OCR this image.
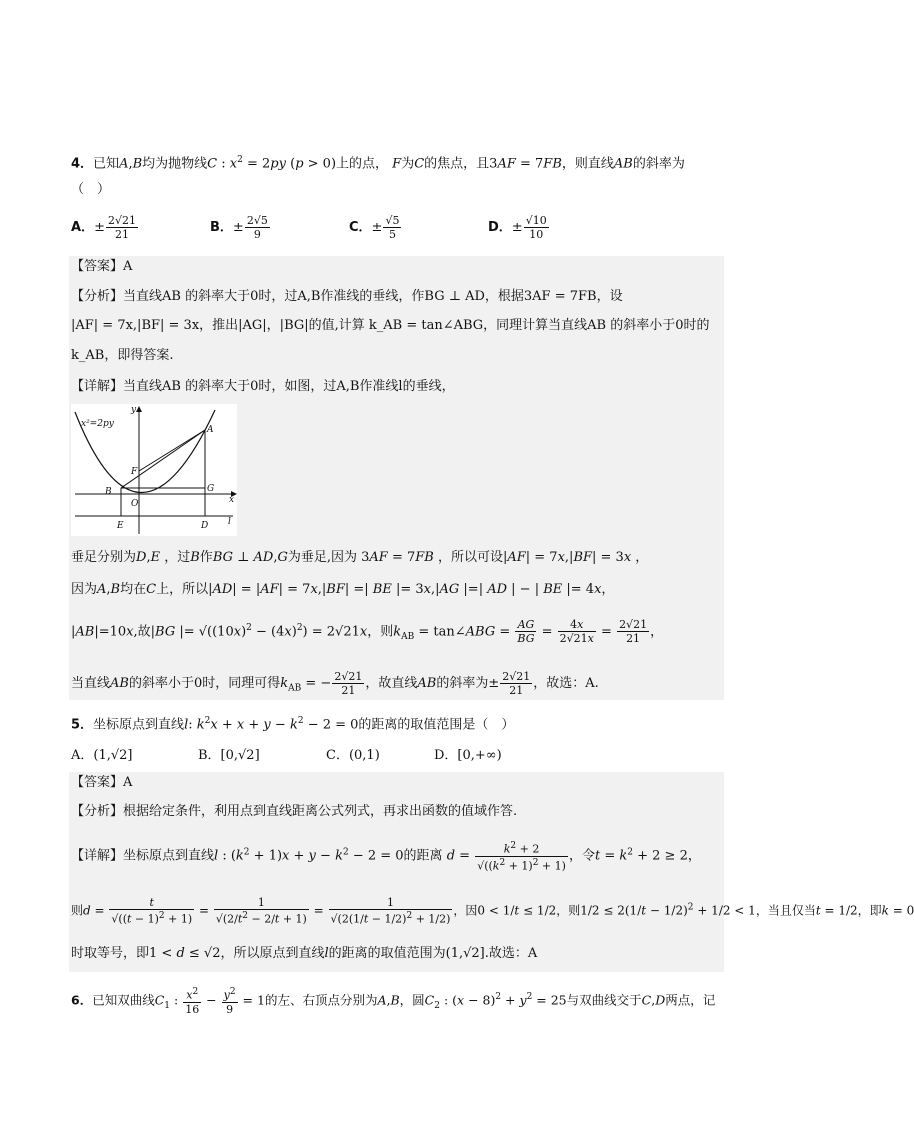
4．已知A,B均为抛物线C : $x^2 = 2py$ (p > 0)上的点， F为C的焦点，且3AF = 7FB，则直线AB的斜率为
（　）
A．± $\frac{2√21}{21}$	B．± $\frac{2√5}{9}$	C．± $\frac{√5}{5}$	D．± $\frac{√10}{10}$
【答案】A
【分析】当直线AB 的斜率大于0时，过A,B作准线的垂线，作BG ⊥ AD，根据3AF = 7FB，设
|AF| = 7x,|BF| = 3x，推出|AG|，|BG|的值,计算 k_AB = tan∠ABG，同理计算当直线AB 的斜率小于0时的
k_AB，即得答案.
【详解】当直线AB 的斜率大于0时，如图，过A,B作准线l的垂线，
x²=2py
y
A
F
B
O
G
x
E	D l
垂足分别为D,E ，过B作BG ⊥ AD,G为垂足,因为 3AF = 7FB ，所以可设|AF| = 7x,|BF| = 3x ，
因为A,B均在C上，所以|AD| = |AF| = 7x,|BF| =| BE |= 3x,|AG |=| AD | − | BE |= 4x，
|AB|=10x,故|BG |= $√((10x)^2 - (4x)^2) = 2√21x$，则$k_{AB}$ = tan∠ABG = $\frac{AG}{BG} = \frac{4x}{2√21x} = \frac{2√21}{21}$ ，
当直线AB的斜率小于0时，同理可得$k_{AB}$ = − $\frac{2√21}{21}$ ，故直线AB的斜率为± $\frac{2√21}{21}$ ，故选：A.
5．坐标原点到直线l: $k^2x + x + y - k^2 - 2 = 0$的距离的取值范围是（　）
A．(1,√2]	B．[0,√2]	C．(0,1)	D．[0,+∞)
【答案】A
【分析】根据给定条件，利用点到直线距离公式列式，再求出函数的值域作答.
【详解】坐标原点到直线l : $(k^2 + 1)x + y - k^2 - 2 = 0$的距离 $d = \frac{k^2 + 2}{√((k^2 + 1)^2 + 1)}$ ，令$t = k^2 + 2 \ge 2$，
则$d = \frac{t}{√((t - 1)^2 + 1)} = \frac{1}{√(2/t^2 - 2/t + 1)} = \frac{1}{√(2(1/t - 1/2)^2 + 1/2)}$ ，因0 < 1/t ≤ 1/2，则$1/2 \le 2(1/t - 1/2)^2 + 1/2 < 1$，当且仅当t = 1/2，即k = 0
时取等号，即1 < d ≤ √2，所以原点到直线l的距离的取值范围为(1,√2].故选：A
6．已知双曲线$C_1$ : $\frac{x^2}{16} - \frac{y^2}{9} = 1$的左、右顶点分别为A,B，圆$C_2$ : $(x - 8)^2 + y^2 = 25$与双曲线交于C,D两点，记
